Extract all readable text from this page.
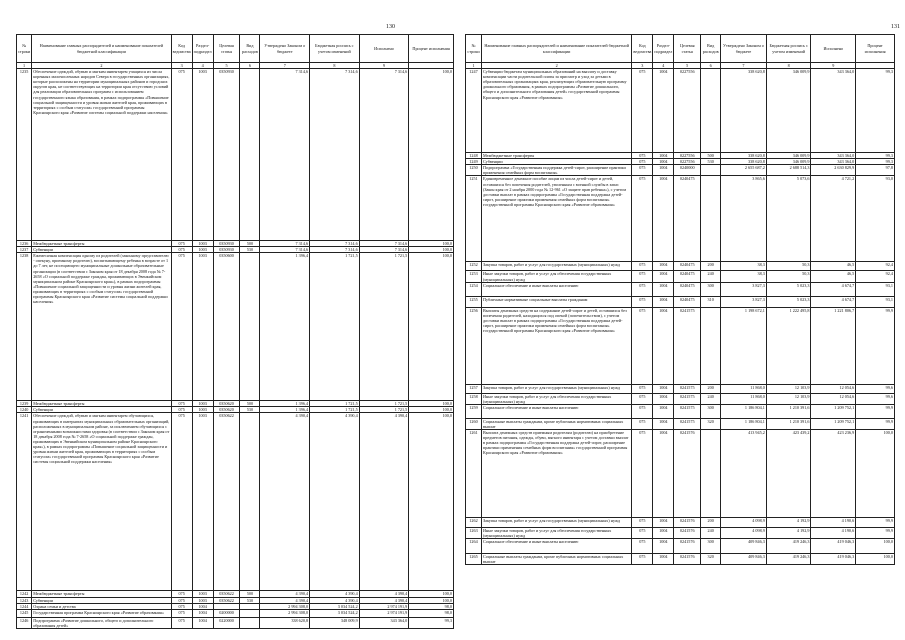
130
№ строки	Наименование главных распорядителей и наименование показателей бюджетной классификации	Код ведомства	Раздел-подраздел	Целевая статья	Вид расходов	Утверждено Законом о бюджете	Бюджетная роспись с учетом изменений	Исполнено	Процент исполнения
1	2	3	4	5	6	7	8	9	
1235	Обеспечение одеждой, обувью и мягким инвентарем учащихся из числа коренных малочисленных народов Севера в государственных организациях, которые расположены на территории муниципальных районов и городских округов края, не соответствующих на территории края отсутствию условий для реализации образовательных программ с использованием государственного языка образования, в рамках подпрограммы «Повышение социальной защищенности и уровня жизни жителей края, проживающих в территориях с особым статусом» государственной программы Красноярского края «Развитие системы социальной поддержки населения»	075	1003	0350930		7 314,6	7 314,6	7 314,6	100,0
1236	Межбюджетные трансферты	075	1003	0350930	500	7 314,6	7 314,6	7 314,6	100,0
1237	Субвенции	075	1003	0350930	530	7 314,6	7 314,6	7 314,6	100,0
1238	Ежемесячная компенсация одному из родителей (законному представителю - опекуну, приемному родителю), воспитывающему ребенка в возрасте от 1 до 7 лет, не посещающего муниципальные дошкольные образовательные организации (в соответствии с Законом края от 18 декабря 2008 года № 7-2658 «О социальной поддержке граждан, проживающих в Эвенкийском муниципальном районе Красноярского края»), в рамках подпрограммы «Повышение социальной защищенности и уровня жизни жителей края, проживающих в территориях с особым статусом» государственной программы Красноярского края «Развитие системы социальной поддержки населения»	075	1003	0350600		1 396,4	1 721,5	1 721,5	100,0
1239	Межбюджетные трансферты	075	1003	0350620	500	1 396,4	1 721,5	1 721,5	100,0
1240	Субвенции	075	1003	0350620	530	1 396,4	1 721,5	1 721,5	100,0
1241	Обеспечение одеждой, обувью и мягким инвентарем обучающихся, проживающих в интернатах муниципальных образовательных организаций, расположенных в муниципальном районе, за исключением обучающихся с ограниченными возможностями здоровья (в соответствии с Законом края от 18 декабря 2008 года № 7-2658 «О социальной поддержке граждан, проживающих в Эвенкийском муниципальном районе Красноярского края»), в рамках подпрограммы «Повышение социальной защищенности и уровня жизни жителей края, проживающих в территориях с особым статусом» государственной программы Красноярского края «Развитие системы социальной поддержки населения»	075	1003	0350622		4 390,4	4 390,4	4 390,4	100,0
1242	Межбюджетные трансферты	075	1003	0350622	500	4 390,4	4 390,4	4 390,4	100,0
1243	Субвенции	075	1003	0350622	530	4 390,4	4 390,4	4 390,4	100,0
1244	Охрана семьи и детства	075	1004			2 994 308,0	3 034 524,2	2 974 191,9	98,0
1245	Государственная программа Красноярского края «Развитие образования»	075	1004	0200000		2 994 308,0	3 034 524,2	2 974 191,9	98,0
1246	Подпрограмма «Развитие дошкольного, общего и дополнительного образования детей»	075	1004	0220000		338 620,8	348 009,9	343 364,0	99,3
131
№ строки	Наименование главных распорядителей и наименование показателей бюджетной классификации	Код ведомства	Раздел-подраздел	Целевая статья	Вид расходов	Утверждено Законом о бюджете	Бюджетная роспись с учетом изменений	Исполнено	Процент исполнения
1	2	3	4	5	6	7	8	9	
1247	Субвенции бюджетам муниципальных образований на выплату и доставку компенсации части родительской платы за присмотр и уход за детьми в образовательных организациях края, реализующих образовательную программу дошкольного образования, в рамках подпрограммы «Развитие дошкольного, общего и дополнительного образования детей» государственной программы Красноярского края «Развитие образования»	075	1004	0227556		338 620,8	346 009,9	343 364,0	99,3
1248	Межбюджетные трансферты	075	1004	0227556	500	338 620,8	346 009,9	343 364,0	99,3
1249	Субвенции	075	1004	0227556	530	338 620,8	346 009,9	343 364,0	99,3
1250	Подпрограмма «Государственная поддержка детей-сирот, расширение практики применения семейных форм воспитания»	075	1004	0240000		2 655 687,2	2 688 514,3	2 630 829,9	97,8
1251	Единовременное денежное пособие лицам из числа детей-сирот и детей, оставшихся без попечения родителей, уволенным с военной службы в запас (Закон края от 2 ноября 2000 года № 12-961 «О защите прав ребенка»), с учетом доставки выплат в рамках подпрограммы «Государственная поддержка детей-сирот, расширение практики применения семейных форм воспитания» государственной программы Красноярского края «Развитие образования»	075	1004	0240475		3 865,6	5 073,6	4 721,2	93,0
1252	Закупка товаров, работ и услуг для государственных (муниципальных) нужд	075	1004	0240475	200	38,3	50,3	46,5	92,4
1253	Иные закупки товаров, работ и услуг для обеспечения государственных (муниципальных) нужд	075	1004	0240475	240	38,3	50,3	46,5	92,4
1254	Социальное обеспечение и иные выплаты населению	075	1004	0240475	300	3 827,3	5 023,3	4 674,7	93,1
1255	Публичные нормативные социальные выплаты гражданам	075	1004	0240475	310	3 827,3	5 023,3	4 674,7	93,1
1256	Выплаты денежных средств на содержание детей-сирот и детей, оставшихся без попечения родителей, находящихся под опекой (попечительством), с учетом доставки выплат в рамках подпрограммы «Государственная поддержка детей-сирот, расширение практики применения семейных форм воспитания» государственной программы Красноярского края «Развитие образования»	075	1004	0241575		1 198 672,1	1 222 495,8	1 221 806,7	99,9
1257	Закупка товаров, работ и услуг для государственных (муниципальных) нужд	075	1004	0241575	200	11 868,0	12 103,9	12 054,6	99,6
1258	Иные закупки товаров, работ и услуг для обеспечения государственных (муниципальных) нужд	075	1004	0241575	240	11 868,0	12 103,9	12 054,6	99,6
1259	Социальное обеспечение и иные выплаты населению	075	1004	0241575	300	1 186 804,1	1 210 391,6	1 209 752,1	99,9
1260	Социальные выплаты гражданам, кроме публичных нормативных социальных выплат	075	1004	0241575	320	1 186 804,1	1 210 391,6	1 209 752,1	99,9
1261	Выплата денежных средств приемным родителям (родителю) на приобретение предметов питания, одежды, обуви, мягкого инвентаря с учетом доставки выплат в рамках подпрограммы «Государственная поддержка детей-сирот, расширение практики применения семейных форм воспитания» государственной программы Красноярского края «Развитие образования»	075	1004	0241576		413 945,2	423 439,2	423 236,9	100,0
1262	Закупка товаров, работ и услуг для государственных (муниципальных) нужд	075	1004	0241576	200	4 098,9	4 192,9	4 190,6	99,9
1263	Иные закупки товаров, работ и услуг для обеспечения государственных (муниципальных) нужд	075	1004	0241576	240	4 098,9	4 192,9	4 190,6	99,9
1264	Социальное обеспечение и иные выплаты населению	075	1004	0241576	300	409 846,3	419 246,3	419 046,3	100,0
1265	Социальные выплаты гражданам, кроме публичных нормативных социальных выплат	075	1004	0241576	320	409 846,3	419 246,3	419 046,3	100,0
